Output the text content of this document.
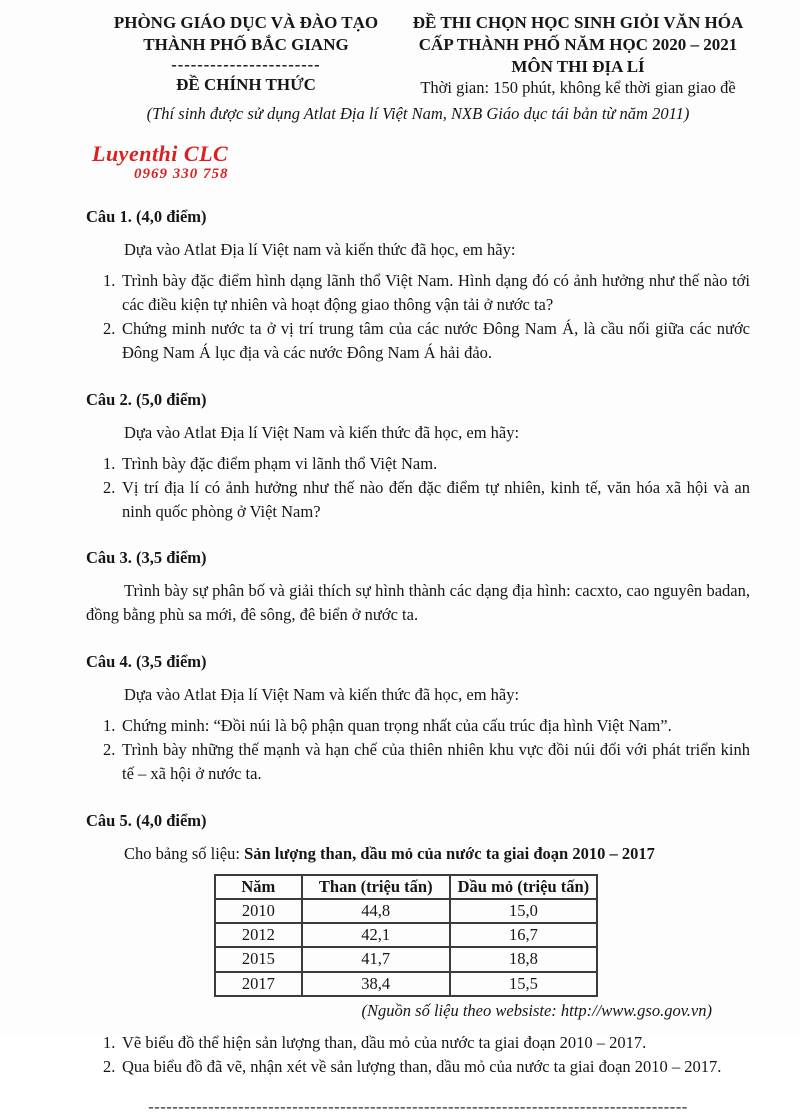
PHÒNG GIÁO DỤC VÀ ĐÀO TẠO
THÀNH PHỐ BẮC GIANG
-----------------------
ĐỀ CHÍNH THỨC
ĐỀ THI CHỌN HỌC SINH GIỎI VĂN HÓA
CẤP THÀNH PHỐ NĂM HỌC 2020 – 2021
MÔN THI ĐỊA LÍ
Thời gian: 150 phút, không kể thời gian giao đề
(Thí sinh được sử dụng Atlat Địa lí Việt Nam, NXB Giáo dục tái bản từ năm 2011)
Luyenthi CLC
0969 330 758
Câu 1. (4,0 điểm)
Dựa vào Atlat Địa lí Việt nam và kiến thức đã học, em hãy:
1. Trình bày đặc điểm hình dạng lãnh thổ Việt Nam. Hình dạng đó có ảnh hưởng như thế nào tới các điều kiện tự nhiên và hoạt động giao thông vận tải ở nước ta?
2. Chứng minh nước ta ở vị trí trung tâm của các nước Đông Nam Á, là cầu nối giữa các nước Đông Nam Á lục địa và các nước Đông Nam Á hải đảo.
Câu 2. (5,0 điểm)
Dựa vào Atlat Địa lí Việt Nam và kiến thức đã học, em hãy:
1. Trình bày đặc điểm phạm vi lãnh thổ Việt Nam.
2. Vị trí địa lí có ảnh hưởng như thế nào đến đặc điểm tự nhiên, kinh tế, văn hóa xã hội và an ninh quốc phòng ở Việt Nam?
Câu 3. (3,5 điểm)
Trình bày sự phân bố và giải thích sự hình thành các dạng địa hình: cacxto, cao nguyên badan, đồng bằng phù sa mới, đê sông, đê biển ở nước ta.
Câu 4. (3,5 điểm)
Dựa vào Atlat Địa lí Việt Nam và kiến thức đã học, em hãy:
1. Chứng minh: “Đồi núi là bộ phận quan trọng nhất của cấu trúc địa hình Việt Nam”.
2. Trình bày những thế mạnh và hạn chế của thiên nhiên khu vực đồi núi đối với phát triển kinh tế – xã hội ở nước ta.
Câu 5. (4,0 điểm)
Cho bảng số liệu: Sản lượng than, dầu mỏ của nước ta giai đoạn 2010 – 2017
Năm	Than (triệu tấn)	Dầu mỏ (triệu tấn)
2010	44,8	15,0
2012	42,1	16,7
2015	41,7	18,8
2017	38,4	15,5
(Nguồn số liệu theo websiste: http://www.gso.gov.vn)
1. Vẽ biểu đồ thể hiện sản lượng than, dầu mỏ của nước ta giai đoạn 2010 – 2017.
2. Qua biểu đồ đã vẽ, nhận xét về sản lượng than, dầu mỏ của nước ta giai đoạn 2010 – 2017.
------------------------------------------------------------------------------------------
